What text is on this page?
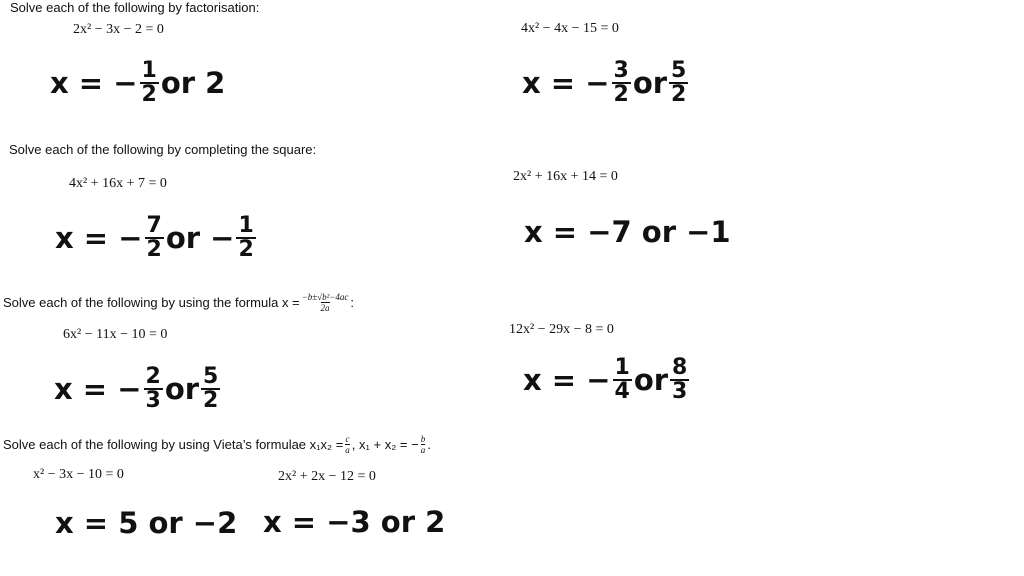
Solve each of the following by factorisation:
2x² − 3x − 2 = 0
x = − $\frac{1}{2}$ or 2
4x² − 4x − 15 = 0
x = − $\frac{3}{2}$ or $\frac{5}{2}$
Solve each of the following by completing the square:
4x² + 16x + 7 = 0
x = − $\frac{7}{2}$ or − $\frac{1}{2}$
2x² + 16x + 14 = 0
x = −7 or −1
Solve each of the following by using the formula $x = \frac{\text{−b±√b²−4ac}}{2a}$ :
6x² − 11x − 10 = 0
x = − $\frac{2}{3}$ or $\frac{5}{2}$
12x² − 29x − 8 = 0
x = − $\frac{1}{4}$ or $\frac{8}{3}$
Solve each of the following by using Vieta’s formulae $x_1x_2 = \frac{c}{a}$ , x₁ + x₂ = − $\frac{b}{a}$ .
x² − 3x − 10 = 0
x = 5 or −2
2x² + 2x − 12 = 0
x = −3 or 2
